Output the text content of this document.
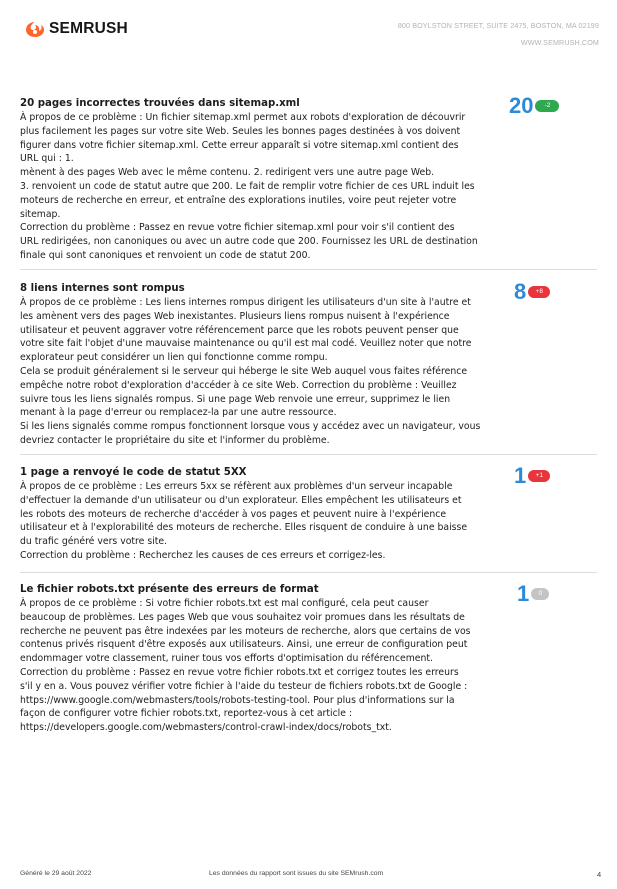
SEMRUSH	800 BOYLSTON STREET, SUITE 2475, BOSTON, MA 02199
WWW.SEMRUSH.COM
20 pages incorrectes trouvées dans sitemap.xml

À propos de ce problème : Un fichier sitemap.xml permet aux robots d'exploration de découvrir

plus facilement les pages sur votre site Web. Seules les bonnes pages destinées à vos doivent

figurer dans votre fichier sitemap.xml. Cette erreur apparaît si votre sitemap.xml contient des

URL qui : 1.

mènent à des pages Web avec le même contenu. 2. redirigent vers une autre page Web.

3. renvoient un code de statut autre que 200. Le fait de remplir votre fichier de ces URL induit les

moteurs de recherche en erreur, et entraîne des explorations inutiles, voire peut rejeter votre

sitemap.

Correction du problème : Passez en revue votre fichier sitemap.xml pour voir s'il contient des

URL redirigées, non canoniques ou avec un autre code que 200. Fournissez les URL de destination

finale qui sont canoniques et renvoient un code de statut 200.

20	-2
8 liens internes sont rompus

À propos de ce problème : Les liens internes rompus dirigent les utilisateurs d'un site à l'autre et

les amènent vers des pages Web inexistantes. Plusieurs liens rompus nuisent à l'expérience

utilisateur et peuvent aggraver votre référencement parce que les robots peuvent penser que

votre site fait l'objet d'une mauvaise maintenance ou qu'il est mal codé. Veuillez noter que notre

explorateur peut considérer un lien qui fonctionne comme rompu.

Cela se produit généralement si le serveur qui héberge le site Web auquel vous faites référence

empêche notre robot d'exploration d'accéder à ce site Web. Correction du problème : Veuillez

suivre tous les liens signalés rompus. Si une page Web renvoie une erreur, supprimez le lien

menant à la page d'erreur ou remplacez-la par une autre ressource.

Si les liens signalés comme rompus fonctionnent lorsque vous y accédez avec un navigateur, vous

devriez contacter le propriétaire du site et l'informer du problème.

8	+8
1 page a renvoyé le code de statut 5XX

À propos de ce problème : Les erreurs 5xx se réfèrent aux problèmes d'un serveur incapable

d'effectuer la demande d'un utilisateur ou d'un explorateur. Elles empêchent les utilisateurs et

les robots des moteurs de recherche d'accéder à vos pages et peuvent nuire à l'expérience

utilisateur et à l'explorabilité des moteurs de recherche. Elles risquent de conduire à une baisse

du trafic généré vers votre site.

Correction du problème : Recherchez les causes de ces erreurs et corrigez-les.

1	+1
Le fichier robots.txt présente des erreurs de format

À propos de ce problème : Si votre fichier robots.txt est mal configuré, cela peut causer

beaucoup de problèmes. Les pages Web que vous souhaitez voir promues dans les résultats de

recherche ne peuvent pas être indexées par les moteurs de recherche, alors que certains de vos

contenus privés risquent d'être exposés aux utilisateurs. Ainsi, une erreur de configuration peut

endommager votre classement, ruiner tous vos efforts d'optimisation du référencement.

Correction du problème : Passez en revue votre fichier robots.txt et corrigez toutes les erreurs

s'il y en a. Vous pouvez vérifier votre fichier à l'aide du testeur de fichiers robots.txt de Google :

https://www.google.com/webmasters/tools/robots-testing-tool. Pour plus d'informations sur la

façon de configurer votre fichier robots.txt, reportez-vous à cet article :

https://developers.google.com/webmasters/control-crawl-index/docs/robots_txt.

1	0
Généré le 29 août 2022	Les données du rapport sont issues du site SEMrush.com	4
